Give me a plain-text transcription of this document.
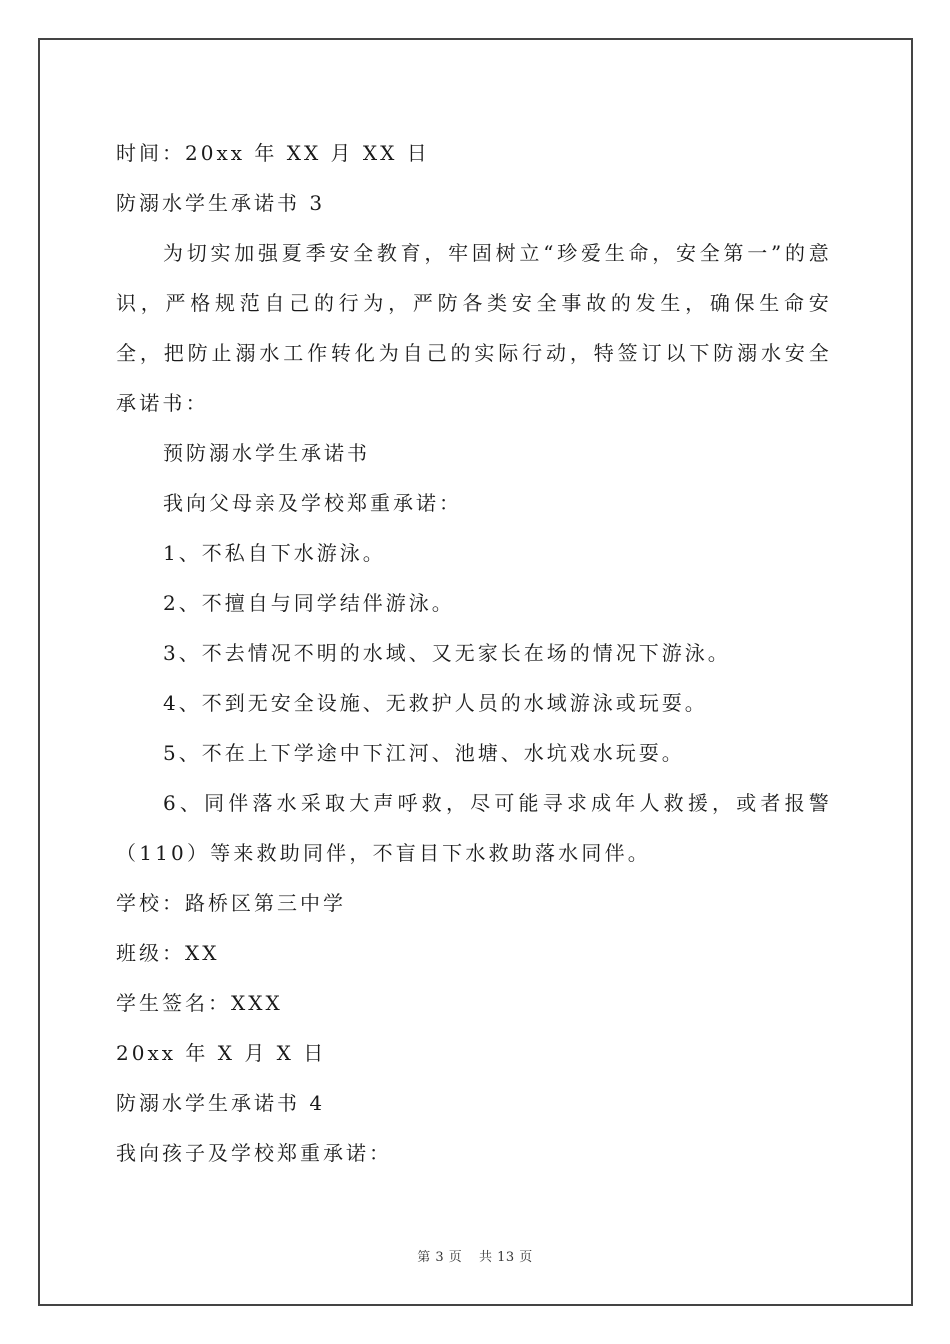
时间：20xx 年 XX 月 XX 日
防溺水学生承诺书 3

为切实加强夏季安全教育，牢固树立“珍爱生命，安全第一”的意识，严格规范自己的行为，严防各类安全事故的发生，确保生命安全，把防止溺水工作转化为自己的实际行动，特签订以下防溺水安全承诺书：

预防溺水学生承诺书
我向父母亲及学校郑重承诺：
1、不私自下水游泳。
2、不擅自与同学结伴游泳。
3、不去情况不明的水域、又无家长在场的情况下游泳。
4、不到无安全设施、无救护人员的水域游泳或玩耍。
5、不在上下学途中下江河、池塘、水坑戏水玩耍。

6、同伴落水采取大声呼救，尽可能寻求成年人救援，或者报警（110）等来救助同伴，不盲目下水救助落水同伴。

学校：路桥区第三中学
班级：XX
学生签名：XXX
20xx 年 X 月 X 日
防溺水学生承诺书 4
我向孩子及学校郑重承诺：
第 3 页 共 13 页
